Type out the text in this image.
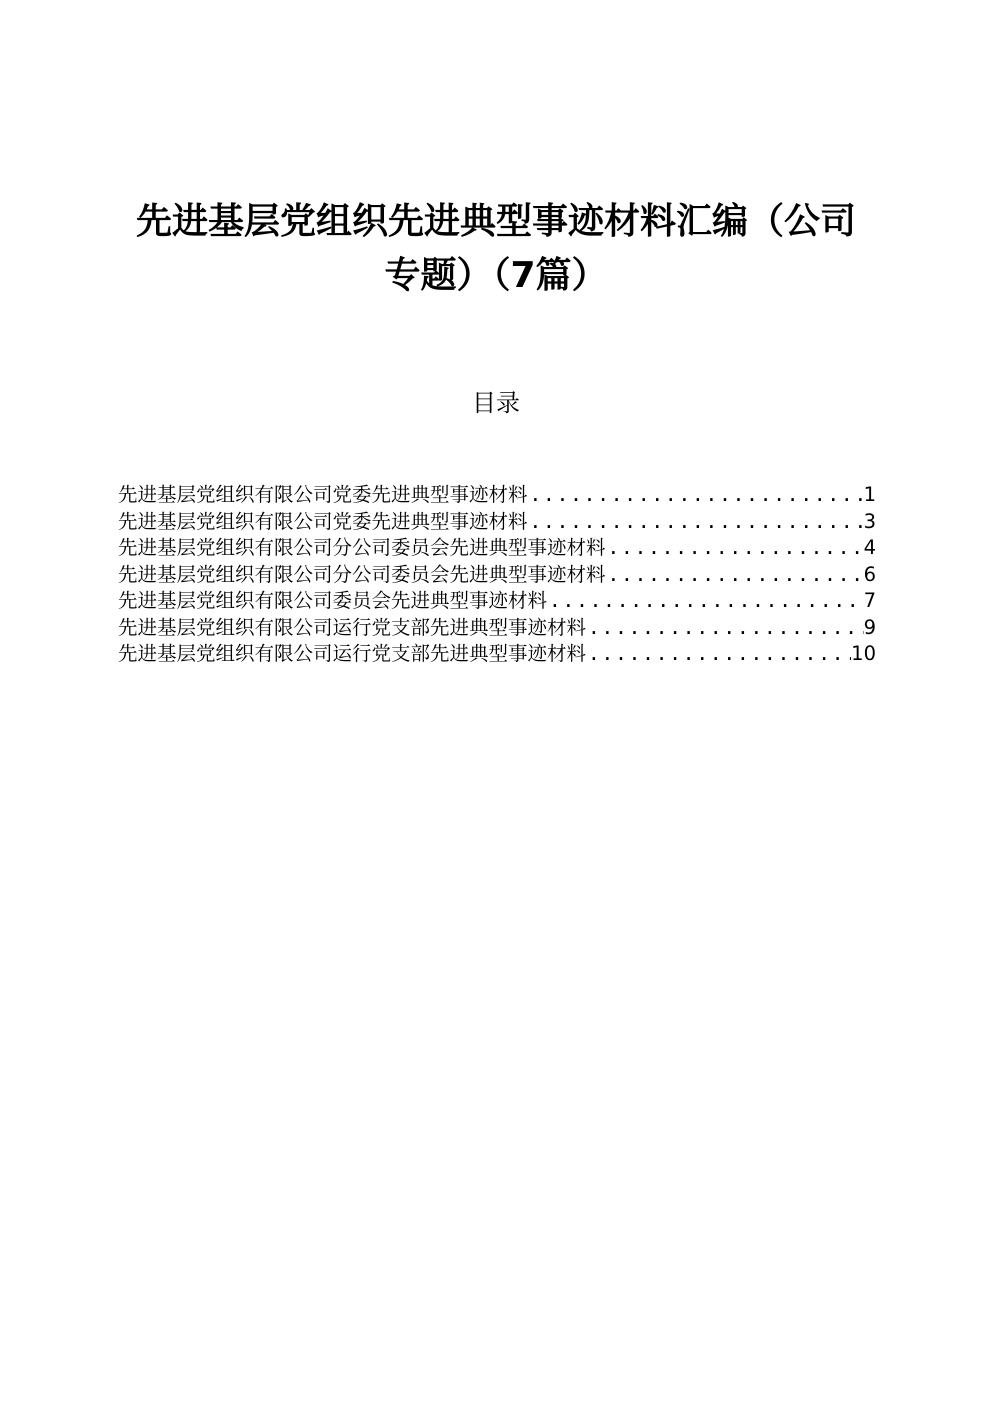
先进基层党组织先进典型事迹材料汇编（公司
专题）（7篇）
目录
先进基层党组织有限公司党委先进典型事迹材料 .....	1
先进基层党组织有限公司党委先进典型事迹材料 .....	3
先进基层党组织有限公司分公司委员会先进典型事迹材料 .....	4
先进基层党组织有限公司分公司委员会先进典型事迹材料 .....	6
先进基层党组织有限公司委员会先进典型事迹材料 .....	7
先进基层党组织有限公司运行党支部先进典型事迹材料 .....	9
先进基层党组织有限公司运行党支部先进典型事迹材料 .....	10
